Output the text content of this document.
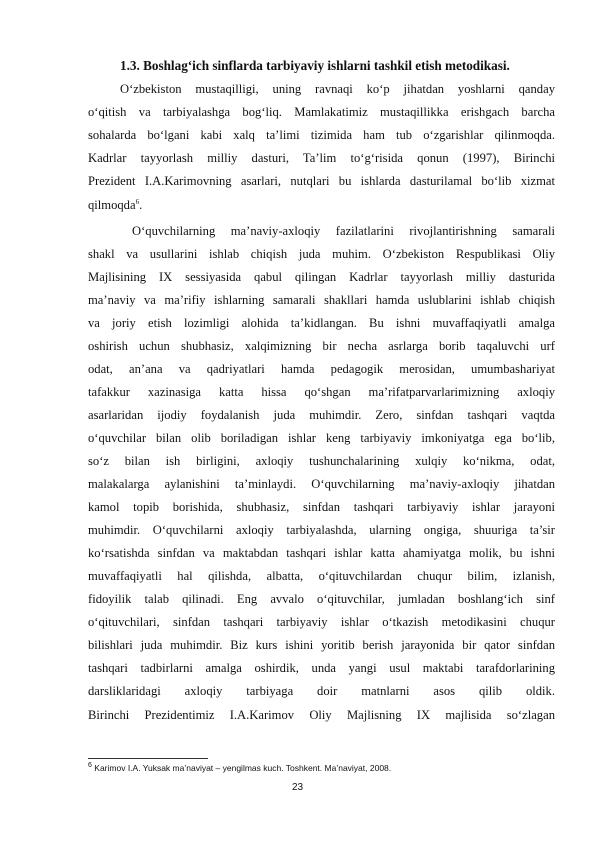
1.3. Boshlag‘ich sinflarda tarbiyaviy ishlarni tashkil etish metodikasi.
O‘zbekiston mustaqilligi, uning ravnaqi ko‘p jihatdan yoshlarni qanday
o‘qitish va tarbiyalashga bog‘liq. Mamlakatimiz mustaqillikka erishgach barcha
sohalarda bo‘lgani kabi xalq ta’limi tizimida ham tub o‘zgarishlar qilinmoqda.
Kadrlar tayyorlash milliy dasturi, Ta’lim to‘g‘risida qonun (1997), Birinchi
Prezident I.A.Karimovning asarlari, nutqlari bu ishlarda dasturilamal bo‘lib xizmat
qilmoqda$^6$.
O‘quvchilarning ma’naviy-axloqiy fazilatlarini rivojlantirishning samarali
shakl va usullarini ishlab chiqish juda muhim. O‘zbekiston Respublikasi Oliy
Majlisining IX sessiyasida qabul qilingan Kadrlar tayyorlash milliy dasturida
ma’naviy va ma’rifiy ishlarning samarali shakllari hamda uslublarini ishlab chiqish
va joriy etish lozimligi alohida ta’kidlangan. Bu ishni muvaffaqiyatli amalga
oshirish uchun shubhasiz, xalqimizning bir necha asrlarga borib taqaluvchi urf
odat, an’ana va qadriyatlari hamda pedagogik merosidan, umumbashariyat
tafakkur xazinasiga katta hissa qo‘shgan ma’rifatparvarlarimizning axloqiy
asarlaridan ijodiy foydalanish juda muhimdir. Zero, sinfdan tashqari vaqtda
o‘quvchilar bilan olib boriladigan ishlar keng tarbiyaviy imkoniyatga ega bo‘lib,
so‘z bilan ish birligini, axloqiy tushunchalarining xulqiy ko‘nikma, odat,
malakalarga aylanishini ta’minlaydi. O‘quvchilarning ma’naviy-axloqiy jihatdan
kamol topib borishida, shubhasiz, sinfdan tashqari tarbiyaviy ishlar jarayoni
muhimdir. O‘quvchilarni axloqiy tarbiyalashda, ularning ongiga, shuuriga ta’sir
ko‘rsatishda sinfdan va maktabdan tashqari ishlar katta ahamiyatga molik, bu ishni
muvaffaqiyatli hal qilishda, albatta, o‘qituvchilardan chuqur bilim, izlanish,
fidoyilik talab qilinadi. Eng avvalo o‘qituvchilar, jumladan boshlang‘ich sinf
o‘qituvchilari, sinfdan tashqari tarbiyaviy ishlar o‘tkazish metodikasini chuqur
bilishlari juda muhimdir. Biz kurs ishini yoritib berish jarayonida bir qator sinfdan
tashqari tadbirlarni amalga oshirdik, unda yangi usul maktabi tarafdorlarining
darsliklaridagi axloqiy tarbiyaga doir matnlarni asos qilib oldik.
Birinchi Prezidentimiz I.A.Karimov Oliy Majlisning IX majlisida so‘zlagan
$^6$ Karimov I.A. Yuksak ma’naviyat – yengilmas kuch. Toshkent. Ma’naviyat, 2008.
23
